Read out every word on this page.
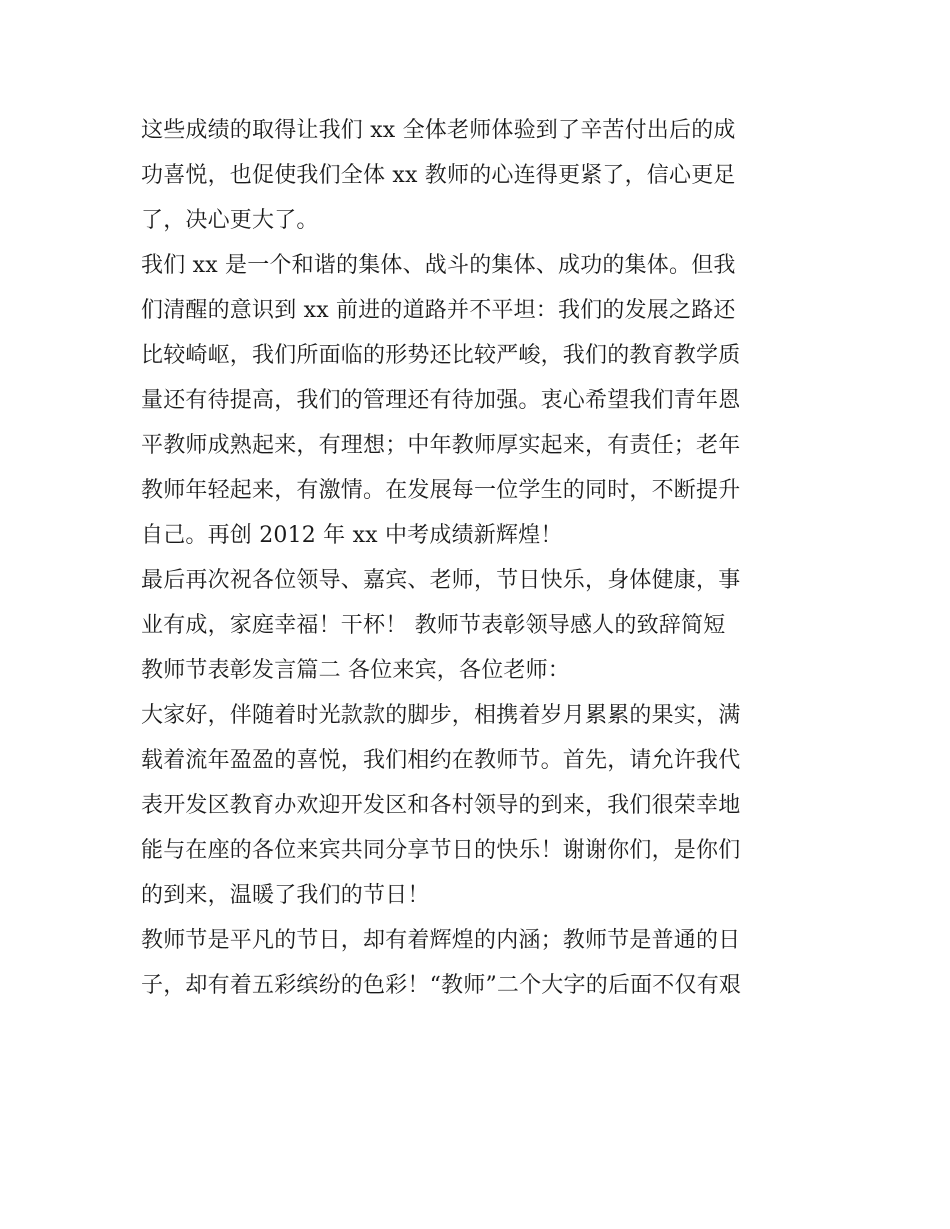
这些成绩的取得让我们 xx 全体老师体验到了辛苦付出后的成
功喜悦，也促使我们全体 xx 教师的心连得更紧了，信心更足
了，决心更大了。
我们 xx 是一个和谐的集体、战斗的集体、成功的集体。但我
们清醒的意识到 xx 前进的道路并不平坦：我们的发展之路还
比较崎岖，我们所面临的形势还比较严峻，我们的教育教学质
量还有待提高，我们的管理还有待加强。衷心希望我们青年恩
平教师成熟起来，有理想；中年教师厚实起来，有责任；老年
教师年轻起来，有激情。在发展每一位学生的同时，不断提升
自己。再创 2012 年 xx 中考成绩新辉煌！
最后再次祝各位领导、嘉宾、老师，节日快乐，身体健康，事
业有成，家庭幸福！干杯！ 教师节表彰领导感人的致辞简短
教师节表彰发言篇二 各位来宾，各位老师：
大家好，伴随着时光款款的脚步，相携着岁月累累的果实，满
载着流年盈盈的喜悦，我们相约在教师节。首先，请允许我代
表开发区教育办欢迎开发区和各村领导的到来，我们很荣幸地
能与在座的各位来宾共同分享节日的快乐！谢谢你们，是你们
的到来，温暖了我们的节日！
教师节是平凡的节日，却有着辉煌的内涵；教师节是普通的日
子，却有着五彩缤纷的色彩！“教师”二个大字的后面不仅有艰
